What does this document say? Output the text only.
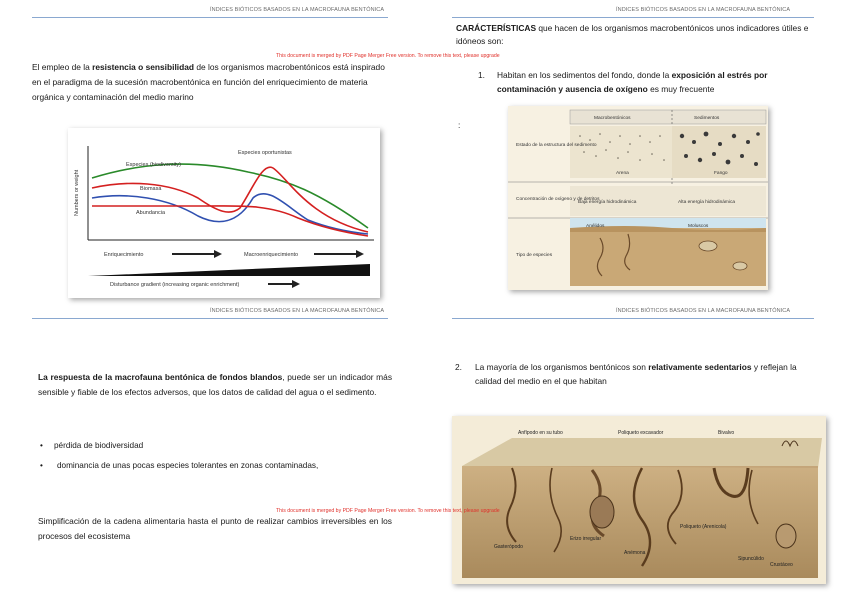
ÍNDICES BIÓTICOS BASADOS EN LA MACROFAUNA BENTÓNICA
El empleo de la resistencia o sensibilidad de los organismos macrobentónicos está inspirado en el paradigma de la sucesión macrobentónica en función del enriquecimiento de materia orgánica y contaminación del medio marino
Numbers or weight
Especies (biodiversity)
Biomasa
Abundancia
Especies oportunistas
Enriquecimiento	Macroenriquecimiento
Disturbance gradient (increasing organic enrichment)
ÍNDICES BIÓTICOS BASADOS EN LA MACROFAUNA BENTÓNICA
CARÁCTERÍSTICAS que hacen de los organismos macrobentónicos unos indicadores útiles e idóneos son:
1.	Habitan en los sedimentos del fondo, donde la exposición al estrés por contaminación y ausencia de oxígeno es muy frecuente
:
Macrobentónicos	Sedimentos
Arena	Fango
Estado de la estructura del sedimento
Baja energía hidrodinámica	Alta energía hidrodinámica
Concentración de oxígeno y de detritos
Anélidos	Moluscos
Tipo de especies
ÍNDICES BIÓTICOS BASADOS EN LA MACROFAUNA BENTÓNICA
La respuesta de la macrofauna bentónica de fondos blandos, puede ser un indicador más sensible y fiable de los efectos adversos, que los datos de calidad del agua o el sedimento.
• pérdida de biodiversidad
• dominancia de unas pocas especies tolerantes en zonas contaminadas,
Simplificación de la cadena alimentaria hasta el punto de realizar cambios irreversibles en los procesos del ecosistema
ÍNDICES BIÓTICOS BASADOS EN LA MACROFAUNA BENTÓNICA
2.	La mayoría de los organismos bentónicos son relativamente sedentarios y reflejan la calidad del medio en el que habitan
Anfípodo en su tubo	Poliqueto excavador	Bivalvo
Gasterópodo
Erizo irregular
Anémona
Poliqueto (Arenicola)
Sipuncúlido
Crustáceo
This document is merged by PDF Page Merger Free version. To remove this text, please upgrade
This document is merged by PDF Page Merger Free version. To remove this text, please upgrade
